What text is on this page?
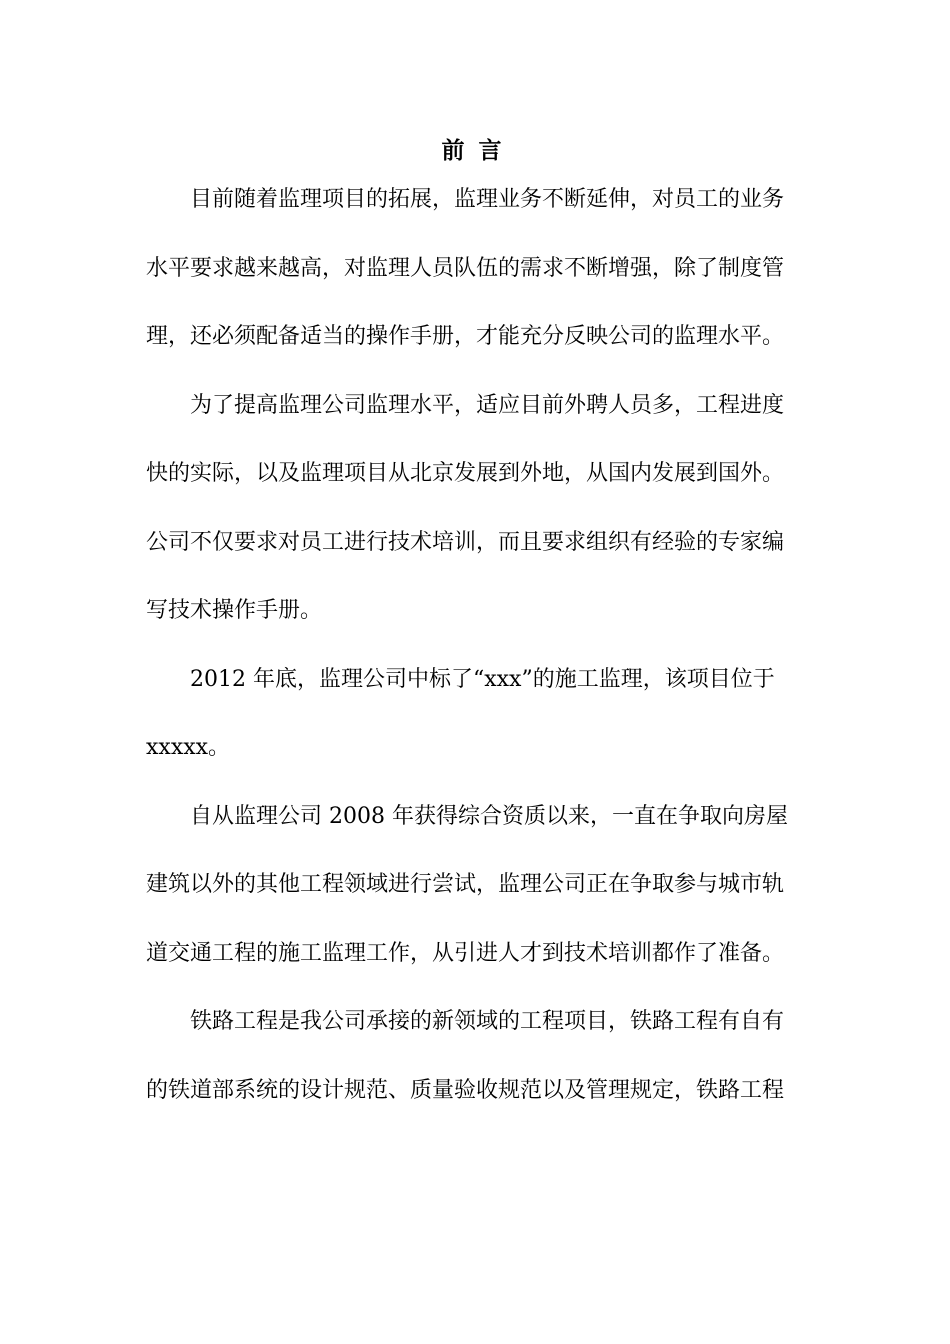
前言

目前随着监理项目的拓展，监理业务不断延伸，对员工的业务
水平要求越来越高，对监理人员队伍的需求不断增强，除了制度管
理，还必须配备适当的操作手册，才能充分反映公司的监理水平。

为了提高监理公司监理水平，适应目前外聘人员多，工程进度
快的实际，以及监理项目从北京发展到外地，从国内发展到国外。
公司不仅要求对员工进行技术培训，而且要求组织有经验的专家编
写技术操作手册。

2012 年底，监理公司中标了“xxx”的施工监理，该项目位于
xxxxx。

自从监理公司 2008 年获得综合资质以来，一直在争取向房屋
建筑以外的其他工程领域进行尝试，监理公司正在争取参与城市轨
道交通工程的施工监理工作，从引进人才到技术培训都作了准备。

铁路工程是我公司承接的新领域的工程项目，铁路工程有自有
的铁道部系统的设计规范、质量验收规范以及管理规定，铁路工程
